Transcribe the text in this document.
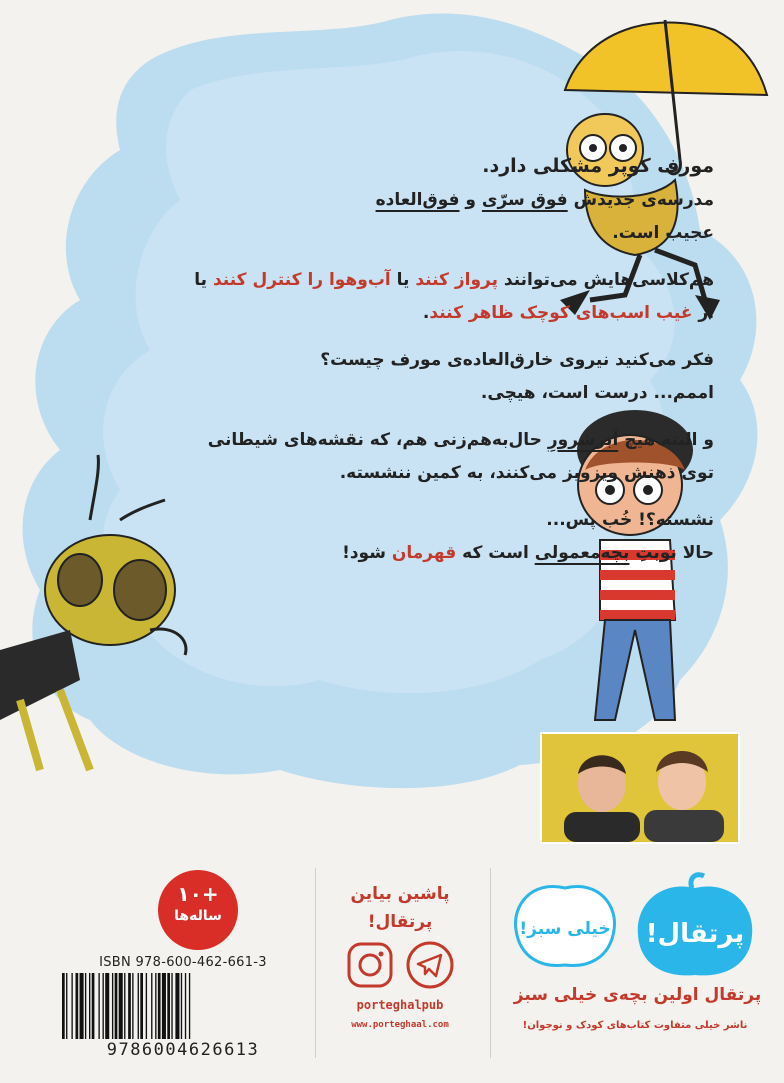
مورف کوپر مشکلی دارد.
مدرسه‌ی جدیدش فوق سرّی و فوق‌العاده
عجیب است.

هم‌کلاسی‌هایش می‌توانند پرواز کنند یا آب‌وهوا را کنترل کنند یا از غیب اسب‌های کوچک ظاهر کنند.

فکر می‌کنید نیروی خارق‌العاده‌ی مورف چیست؟
اممم... درست است، هیچی.

و البته هیچ اَبرشرورِ حال‌به‌هم‌زنی هم، که نقشه‌های شیطانی توی ذهنش ویزویز می‌کنند، به کمین ننشسته.

نشسته؟! خُب پس...
حالا نوبتِ بچه‌معمولی است که قهرمان شود!

پرتقال!
خیلی سبز!
پرتقال اولین بچه‌ی خیلی سبز
ناشر خیلی متفاوت کتاب‌های کودک و نوجوان!
پاشین بیاین
پرتقال!
porteghalpub
www.porteghaal.com
+۱۰
ساله‌ها
ISBN 978-600-462-661-3
9786004626613
